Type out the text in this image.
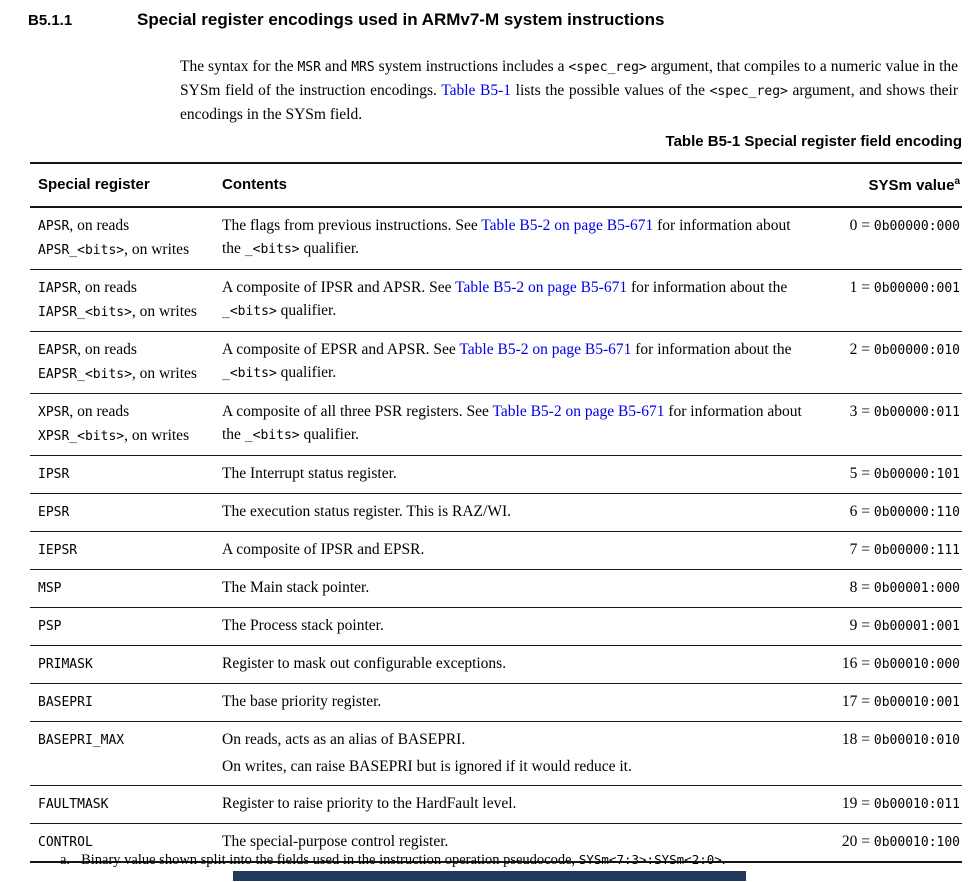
B5.1.1	Special register encodings used in ARMv7-M system instructions

The syntax for the MSR and MRS system instructions includes a <spec_reg> argument, that compiles to a numeric value in the SYSm field of the instruction encodings. Table B5-1 lists the possible values of the <spec_reg> argument, and shows their encodings in the SYSm field.

Table B5-1 Special register field encoding
Special register	Contents	SYSm value$^a$

APSR, on reads
APSR_<bits>, on writes	The flags from previous instructions. See Table B5-2 on page B5-671 for information about the _<bits> qualifier.	0 = 0b00000:000

IAPSR, on reads
IAPSR_<bits>, on writes	A composite of IPSR and APSR. See Table B5-2 on page B5-671 for information about the _<bits> qualifier.	1 = 0b00000:001

EAPSR, on reads
EAPSR_<bits>, on writes	A composite of EPSR and APSR. See Table B5-2 on page B5-671 for information about the _<bits> qualifier.	2 = 0b00000:010

XPSR, on reads
XPSR_<bits>, on writes	A composite of all three PSR registers. See Table B5-2 on page B5-671 for information about the _<bits> qualifier.	3 = 0b00000:011

IPSR	The Interrupt status register.	5 = 0b00000:101

EPSR	The execution status register. This is RAZ/WI.	6 = 0b00000:110

IEPSR	A composite of IPSR and EPSR.	7 = 0b00000:111

MSP	The Main stack pointer.	8 = 0b00001:000

PSP	The Process stack pointer.	9 = 0b00001:001

PRIMASK	Register to mask out configurable exceptions.	16 = 0b00010:000

BASEPRI	The base priority register.	17 = 0b00010:001

BASEPRI_MAX	On reads, acts as an alias of BASEPRI.
On writes, can raise BASEPRI but is ignored if it would reduce it.	18 = 0b00010:010

FAULTMASK	Register to raise priority to the HardFault level.	19 = 0b00010:011

CONTROL	The special-purpose control register.	20 = 0b00010:100
a. Binary value shown split into the fields used in the instruction operation pseudocode, SYSm<7:3>:SYSm<2:0>.
